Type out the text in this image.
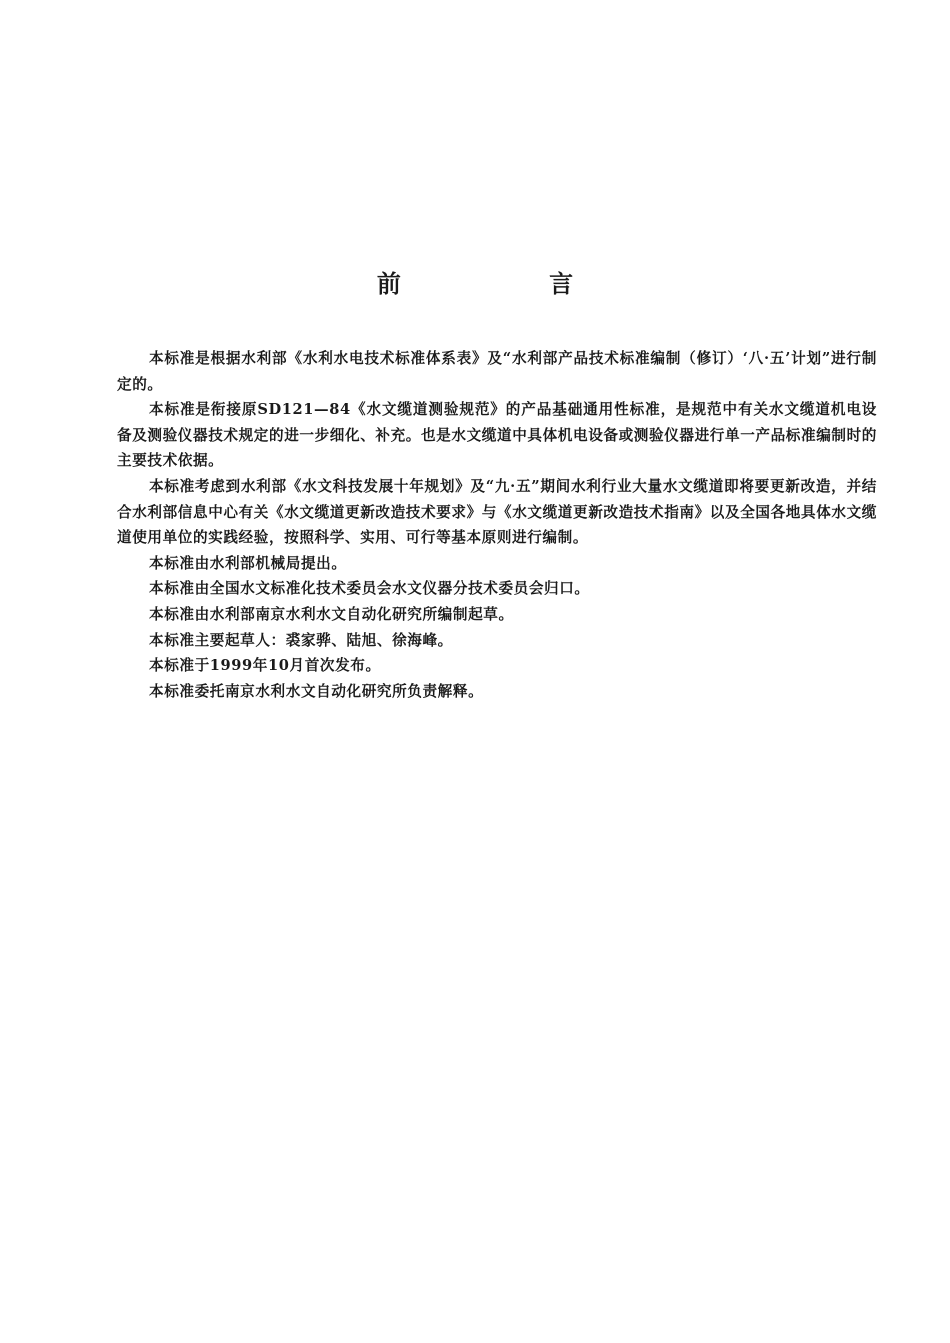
前 言

本标准是根据水利部《水利水电技术标准体系表》及“水利部产品技术标准编制（修订）‘八·五’计划”进行制定的。

本标准是衔接原SD121—84《水文缆道测验规范》的产品基础通用性标准，是规范中有关水文缆道机电设备及测验仪器技术规定的进一步细化、补充。也是水文缆道中具体机电设备或测验仪器进行单一产品标准编制时的主要技术依据。

本标准考虑到水利部《水文科技发展十年规划》及“九·五”期间水利行业大量水文缆道即将要更新改造，并结合水利部信息中心有关《水文缆道更新改造技术要求》与《水文缆道更新改造技术指南》以及全国各地具体水文缆道使用单位的实践经验，按照科学、实用、可行等基本原则进行编制。

本标准由水利部机械局提出。

本标准由全国水文标准化技术委员会水文仪器分技术委员会归口。

本标准由水利部南京水利水文自动化研究所编制起草。

本标准主要起草人：裘家骅、陆旭、徐海峰。

本标准于1999年10月首次发布。

本标准委托南京水利水文自动化研究所负责解释。
